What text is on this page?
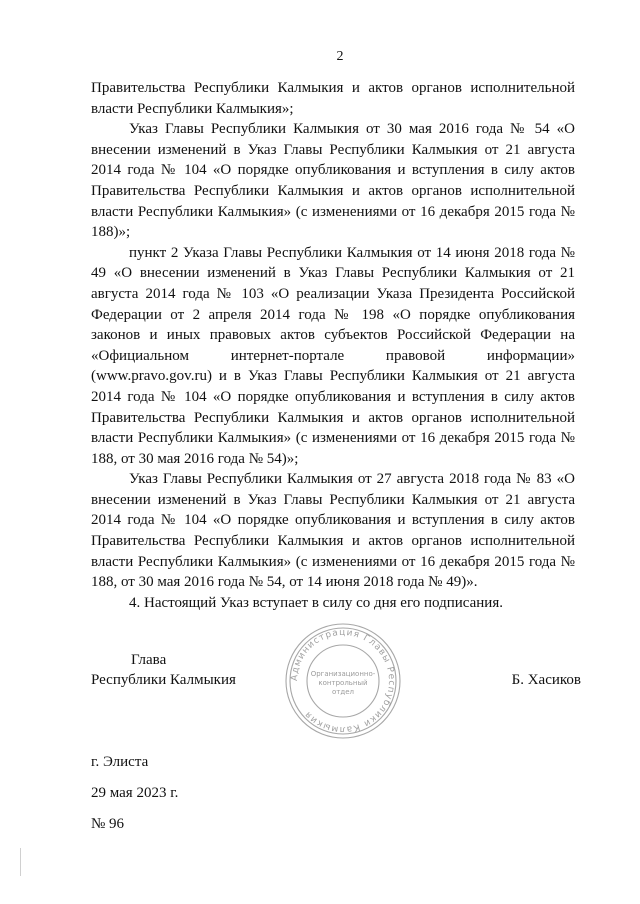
2

Правительства Республики Калмыкия и актов органов исполнительной власти Республики Калмыкия»;

Указ Главы Республики Калмыкия от 30 мая 2016 года № 54 «О внесении изменений в Указ Главы Республики Калмыкия от 21 августа 2014 года № 104 «О порядке опубликования и вступления в силу актов Правительства Республики Калмыкия и актов органов исполнительной власти Республики Калмыкия» (с изменениями от 16 декабря 2015 года № 188)»;

пункт 2 Указа Главы Республики Калмыкия от 14 июня 2018 года № 49 «О внесении изменений в Указ Главы Республики Калмыкия от 21 августа 2014 года № 103 «О реализации Указа Президента Российской Федерации от 2 апреля 2014 года № 198 «О порядке опубликования законов и иных правовых актов субъектов Российской Федерации на «Официальном интернет-портале правовой информации» (www.pravo.gov.ru) и в Указ Главы Республики Калмыкия от 21 августа 2014 года № 104 «О порядке опубликования и вступления в силу актов Правительства Республики Калмыкия и актов органов исполнительной власти Республики Калмыкия» (с изменениями от 16 декабря 2015 года № 188, от 30 мая 2016 года № 54)»;

Указ Главы Республики Калмыкия от 27 августа 2018 года № 83 «О внесении изменений в Указ Главы Республики Калмыкия от 21 августа 2014 года № 104 «О порядке опубликования и вступления в силу актов Правительства Республики Калмыкия и актов органов исполнительной власти Республики Калмыкия» (с изменениями от 16 декабря 2015 года № 188, от 30 мая 2016 года № 54, от 14 июня 2018 года № 49)».

4. Настоящий Указ вступает в силу со дня его подписания.

Администрация Главы Республики Калмыкия
Организационно-
контрольный
отдел
Глава
Республики Калмыкия	Б. Хасиков
г. Элиста
29 мая 2023 г.
№ 96
